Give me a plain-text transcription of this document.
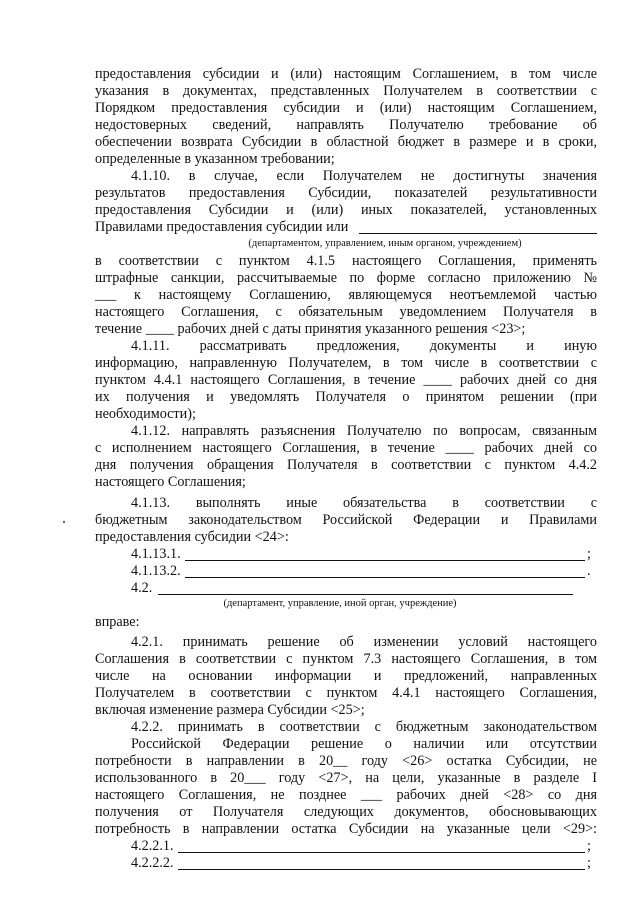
предоставления субсидии и (или) настоящим Соглашением, в том числе
указания в документах, представленных Получателем в соответствии с
Порядком предоставления субсидии и (или) настоящим Соглашением,
недостоверных сведений, направлять Получателю требование об
обеспечении возврата Субсидии в областной бюджет в размере и в сроки,
определенные в указанном требовании;
4.1.10. в случае, если Получателем не достигнуты значения
результатов предоставления Субсидии, показателей результативности
предоставления Субсидии и (или) иных показателей, установленных
Правилами предоставления субсидии или
(департаментом, управлением, иным органом, учреждением)
в соответствии с пунктом 4.1.5 настоящего Соглашения, применять
штрафные санкции, рассчитываемые по форме согласно приложению №
___ к настоящему Соглашению, являющемуся неотъемлемой частью
настоящего Соглашения, с обязательным уведомлением Получателя в
течение ____ рабочих дней с даты принятия указанного решения <23>;
4.1.11. рассматривать предложения, документы и иную
информацию, направленную Получателем, в том числе в соответствии с
пунктом 4.4.1 настоящего Соглашения, в течение ____ рабочих дней со дня
их получения и уведомлять Получателя о принятом решении (при
необходимости);
4.1.12. направлять разъяснения Получателю по вопросам, связанным
с исполнением настоящего Соглашения, в течение ____ рабочих дней со
дня получения обращения Получателя в соответствии с пунктом 4.4.2
настоящего Соглашения;
4.1.13. выполнять иные обязательства в соответствии с
бюджетным законодательством Российской Федерации и Правилами
предоставления субсидии <24>:
4.1.13.1.	;
4.1.13.2.	.
4.2.
(департамент, управление, иной орган, учреждение)
вправе:
4.2.1. принимать решение об изменении условий настоящего
Соглашения в соответствии с пунктом 7.3 настоящего Соглашения, в том
числе на основании информации и предложений, направленных
Получателем в соответствии с пунктом 4.4.1 настоящего Соглашения,
включая изменение размера Субсидии <25>;
4.2.2. принимать в соответствии с бюджетным законодательством
Российской Федерации решение о наличии или отсутствии
потребности в направлении в 20__ году <26> остатка Субсидии, не
использованного в 20___ году <27>, на цели, указанные в разделе I
настоящего Соглашения, не позднее ___ рабочих дней <28> со дня
получения от Получателя следующих документов, обосновывающих
потребность в направлении остатка Субсидии на указанные цели <29>:
4.2.2.1.	;
4.2.2.2.	;
